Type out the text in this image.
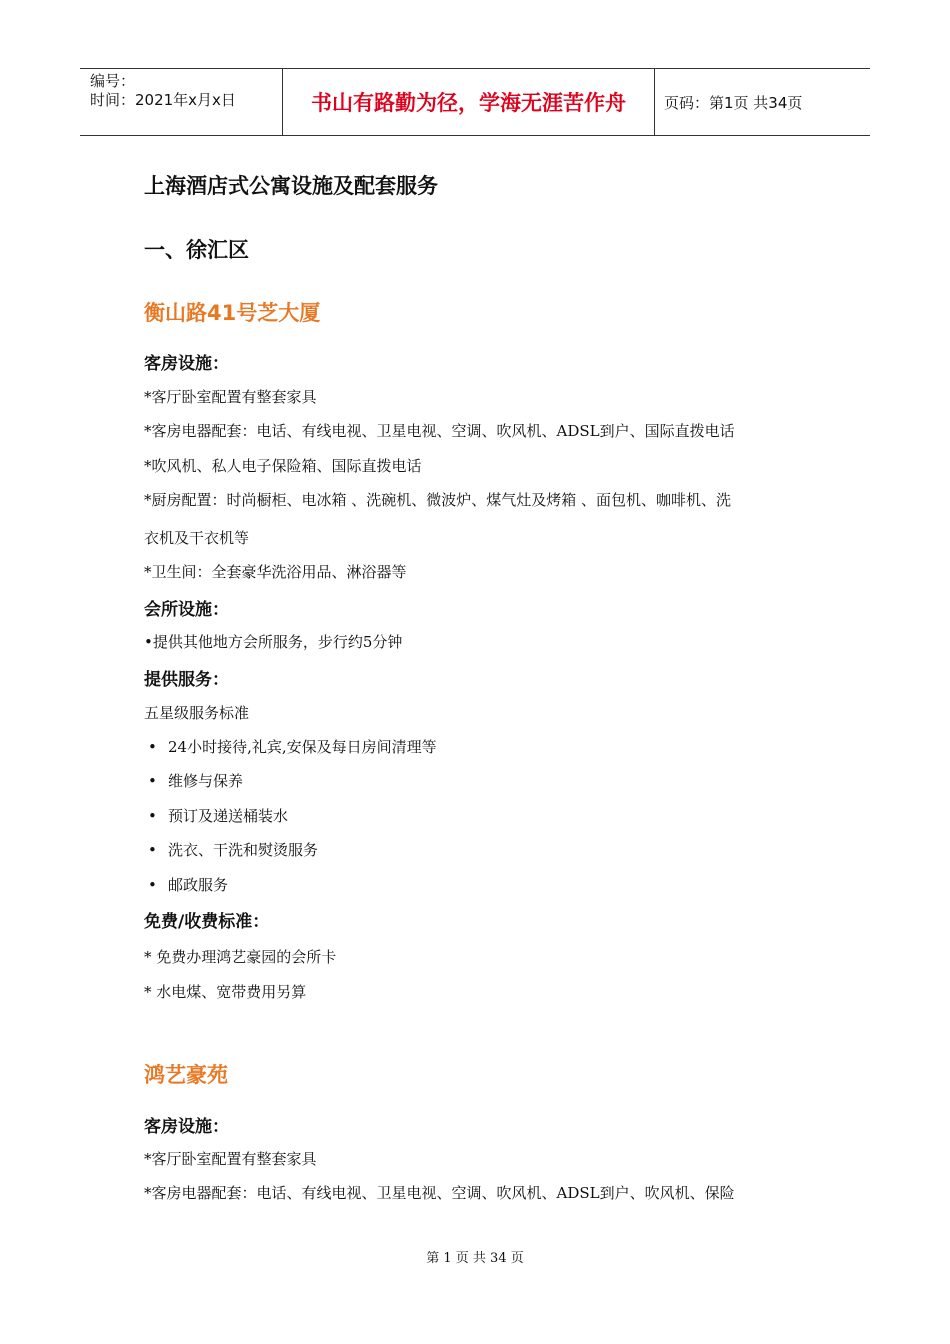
编号：
时间：2021年x月x日	书山有路勤为径，学海无涯苦作舟	页码：第1页 共34页
上海酒店式公寓设施及配套服务
一、徐汇区
衡山路41号芝大厦
客房设施：
*客厅卧室配置有整套家具
*客房电器配套：电话、有线电视、卫星电视、空调、吹风机、ADSL到户、国际直拨电话
*吹风机、私人电子保险箱、国际直拨电话
*厨房配置：时尚橱柜、电冰箱 、洗碗机、微波炉、煤气灶及烤箱 、面包机、咖啡机、洗
衣机及干衣机等
*卫生间：全套豪华洗浴用品、淋浴器等
会所设施：
•提供其他地方会所服务，步行约5分钟
提供服务：
五星级服务标准
• 24小时接待,礼宾,安保及每日房间清理等
• 维修与保养
• 预订及递送桶装水
• 洗衣、干洗和熨烫服务
• 邮政服务
免费/收费标准：
* 免费办理鸿艺豪园的会所卡
* 水电煤、宽带费用另算
鸿艺豪苑
客房设施：
*客厅卧室配置有整套家具
*客房电器配套：电话、有线电视、卫星电视、空调、吹风机、ADSL到户、吹风机、保险
第 1 页 共 34 页
